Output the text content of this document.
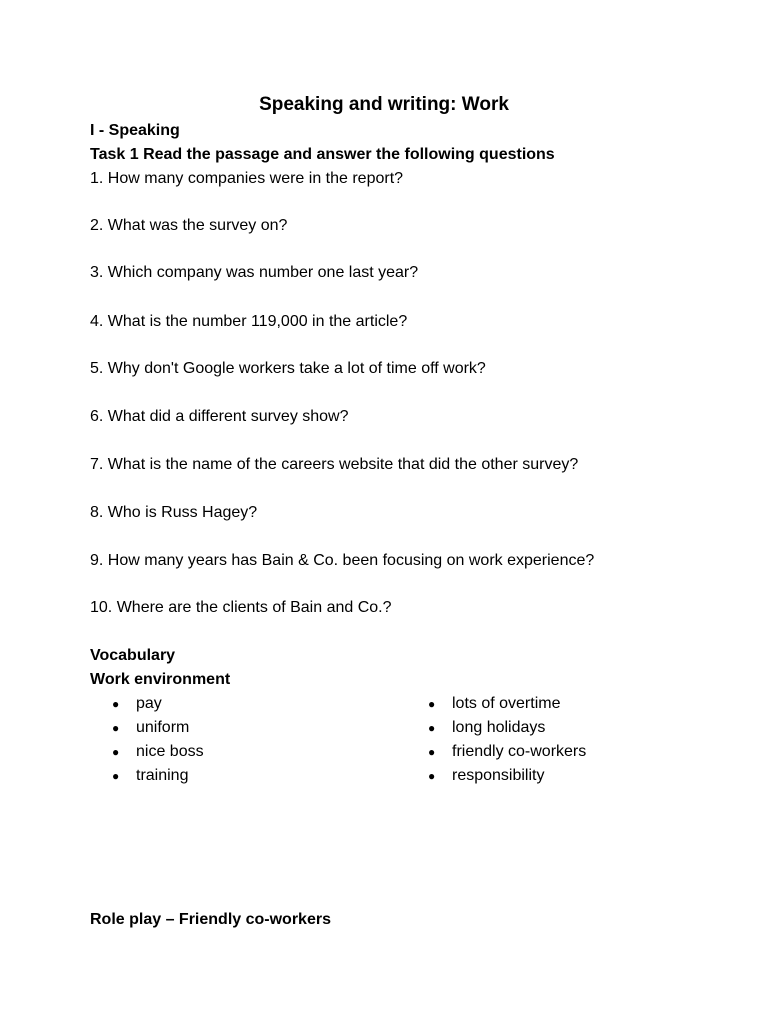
Speaking and writing: Work
I - Speaking
Task 1 Read the passage and answer the following questions
1. How many companies were in the report?
2. What was the survey on?
3. Which company was number one last year?
4. What is the number 119,000 in the article?
5. Why don't Google workers take a lot of time off work?
6. What did a different survey show?
7. What is the name of the careers website that did the other survey?
8. Who is Russ Hagey?
9. How many years has Bain & Co. been focusing on work experience?
10. Where are the clients of Bain and Co.?
Vocabulary
Work environment
● pay
● uniform
● nice boss
● training
● lots of overtime
● long holidays
● friendly co-workers
● responsibility
Role play – Friendly co-workers
